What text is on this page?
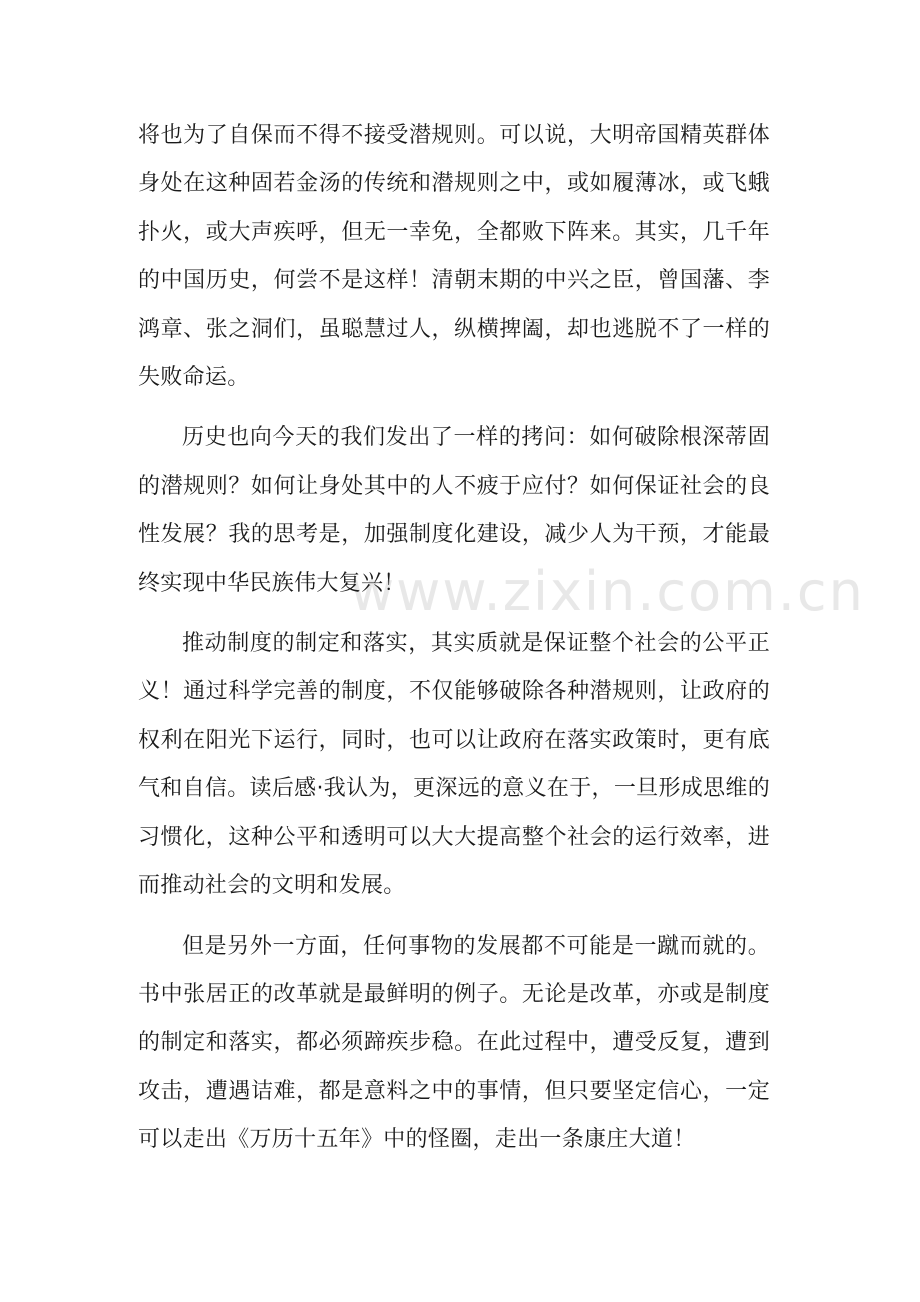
www.zixin.com.cn

将也为了自保而不得不接受潜规则。可以说，大明帝国精英群体身处在这种固若金汤的传统和潜规则之中，或如履薄冰，或飞蛾扑火，或大声疾呼，但无一幸免，全都败下阵来。其实，几千年的中国历史，何尝不是这样！清朝末期的中兴之臣，曾国藩、李鸿章、张之洞们，虽聪慧过人，纵横捭阖，却也逃脱不了一样的失败命运。

历史也向今天的我们发出了一样的拷问：如何破除根深蒂固的潜规则？如何让身处其中的人不疲于应付？如何保证社会的良性发展？我的思考是，加强制度化建设，减少人为干预，才能最终实现中华民族伟大复兴！

推动制度的制定和落实，其实质就是保证整个社会的公平正义！通过科学完善的制度，不仅能够破除各种潜规则，让政府的权利在阳光下运行，同时，也可以让政府在落实政策时，更有底气和自信。读后感·我认为，更深远的意义在于，一旦形成思维的习惯化，这种公平和透明可以大大提高整个社会的运行效率，进而推动社会的文明和发展。

但是另外一方面，任何事物的发展都不可能是一蹴而就的。书中张居正的改革就是最鲜明的例子。无论是改革，亦或是制度的制定和落实，都必须蹄疾步稳。在此过程中，遭受反复，遭到攻击，遭遇诘难，都是意料之中的事情，但只要坚定信心，一定可以走出《万历十五年》中的怪圈，走出一条康庄大道！
